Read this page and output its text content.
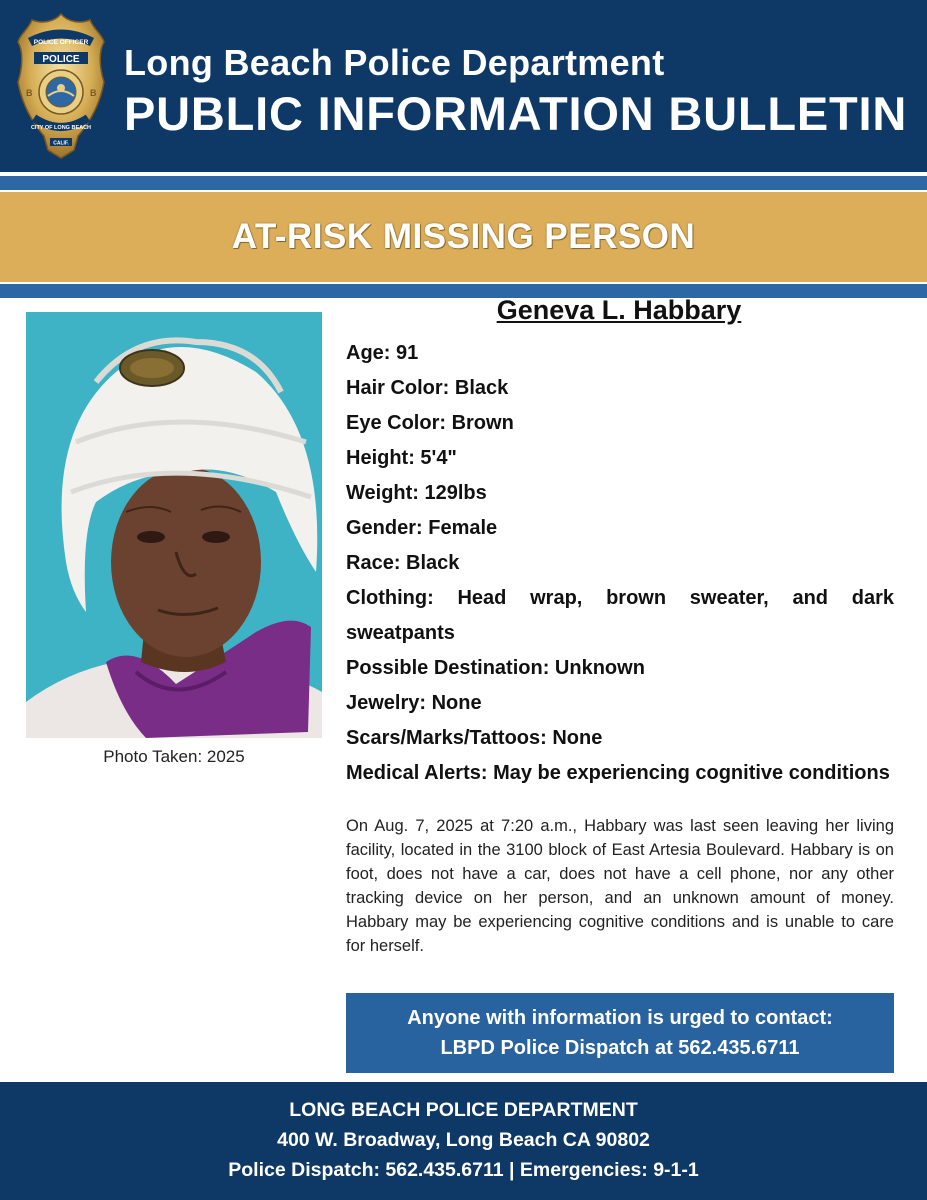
POLICE OFFICER
POLICE
B	B
CITY OF LONG BEACH
CALIF.
Long Beach Police Department
PUBLIC INFORMATION BULLETIN
AT-RISK MISSING PERSON
Photo Taken: 2025
Geneva L. Habbary
Age: 91
Hair Color: Black
Eye Color: Brown
Height: 5'4"
Weight: 129lbs
Gender: Female
Race: Black
Clothing: Head wrap, brown sweater, and dark sweatpants
Possible Destination: Unknown
Jewelry: None
Scars/Marks/Tattoos: None
Medical Alerts: May be experiencing cognitive conditions
On Aug. 7, 2025 at 7:20 a.m., Habbary was last seen leaving her living facility, located in the 3100 block of East Artesia Boulevard. Habbary is on foot, does not have a car, does not have a cell phone, nor any other tracking device on her person, and an unknown amount of money. Habbary may be experiencing cognitive conditions and is unable to care for herself.
Anyone with information is urged to contact:
LBPD Police Dispatch at 562.435.6711
LONG BEACH POLICE DEPARTMENT
400 W. Broadway, Long Beach CA 90802
Police Dispatch: 562.435.6711 | Emergencies: 9-1-1
